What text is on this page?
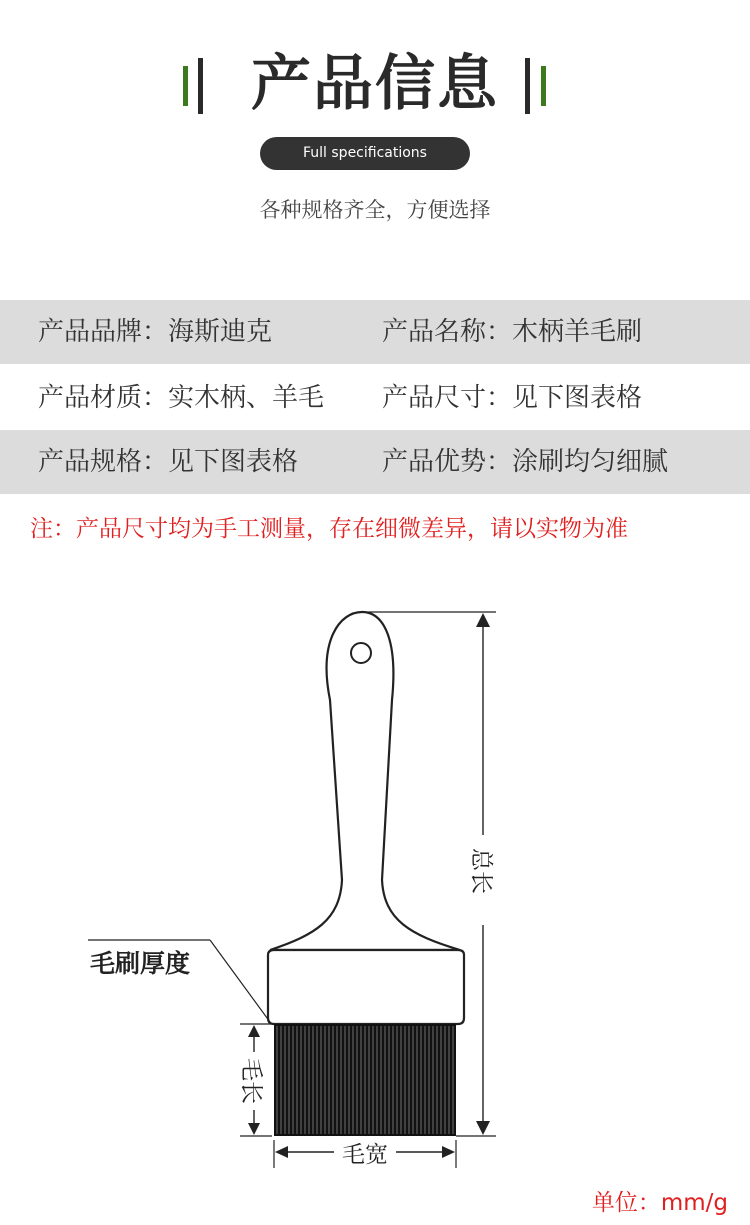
产品信息
Full specifications
各种规格齐全，方便选择
产品品牌：海斯迪克	产品名称：木柄羊毛刷
产品材质：实木柄、羊毛 产品尺寸：见下图表格
产品规格：见下图表格	产品优势：涂刷均匀细腻
注：产品尺寸均为手工测量，存在细微差异，请以实物为准
毛刷厚度
总长
毛长
毛宽
单位：mm/g
